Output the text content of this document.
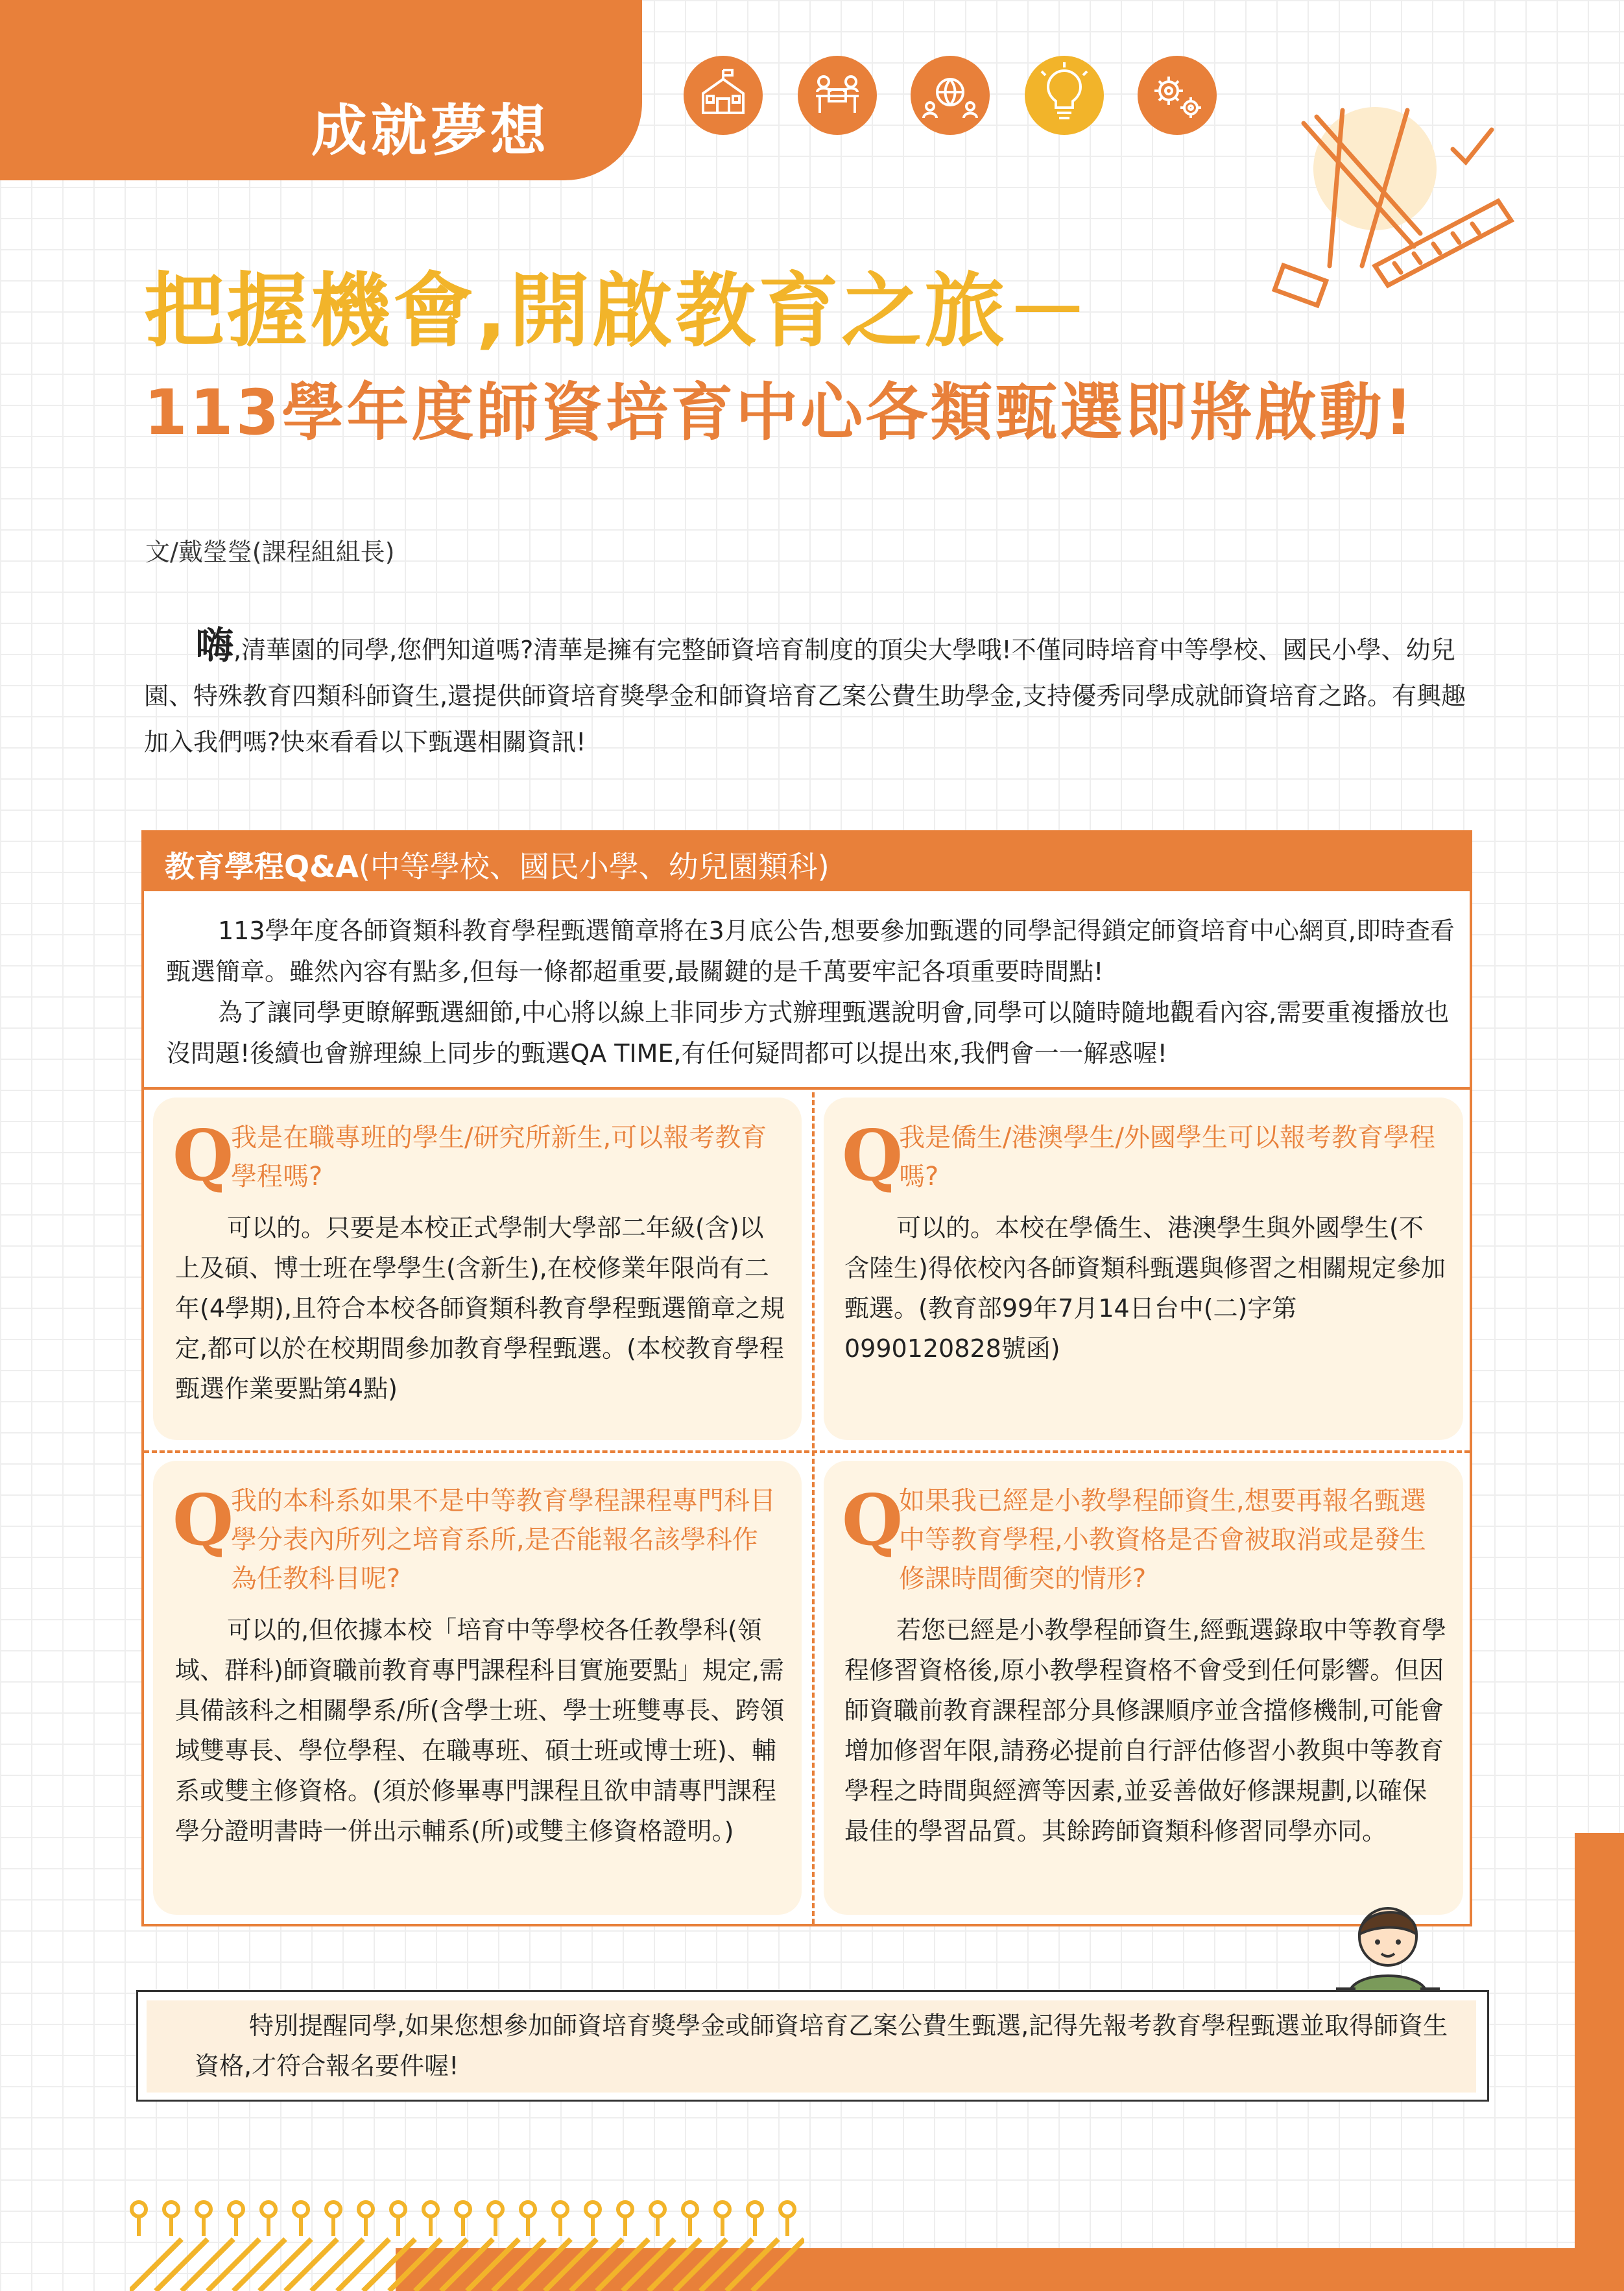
成就夢想
把握機會,開啟教育之旅－
113學年度師資培育中心各類甄選即將啟動!
文/戴瑩瑩(課程組組長)
嗨,清華園的同學,您們知道嗎?清華是擁有完整師資培育制度的頂尖大學哦!不僅同時培育中等學校、國民小學、幼兒園、特殊教育四類科師資生,還提供師資培育獎學金和師資培育乙案公費生助學金,支持優秀同學成就師資培育之路。有興趣加入我們嗎?快來看看以下甄選相關資訊!
教育學程Q&A(中等學校、國民小學、幼兒園類科)

113學年度各師資類科教育學程甄選簡章將在3月底公告,想要參加甄選的同學記得鎖定師資培育中心網頁,即時查看甄選簡章。雖然內容有點多,但每一條都超重要,最關鍵的是千萬要牢記各項重要時間點!

為了讓同學更瞭解甄選細節,中心將以線上非同步方式辦理甄選說明會,同學可以隨時隨地觀看內容,需要重複播放也沒問題!後續也會辦理線上同步的甄選QA TIME,有任何疑問都可以提出來,我們會一一解惑喔!

Q
我是在職專班的學生/研究所新生,可以報考教育學程嗎?
可以的。只要是本校正式學制大學部二年級(含)以上及碩、博士班在學學生(含新生),在校修業年限尚有二年(4學期),且符合本校各師資類科教育學程甄選簡章之規定,都可以於在校期間參加教育學程甄選。(本校教育學程甄選作業要點第4點)
Q
我是僑生/港澳學生/外國學生可以報考教育學程嗎?
可以的。本校在學僑生、港澳學生與外國學生(不含陸生)得依校內各師資類科甄選與修習之相關規定參加甄選。(教育部99年7月14日台中(二)字第0990120828號函)
Q
我的本科系如果不是中等教育學程課程專門科目學分表內所列之培育系所,是否能報名該學科作為任教科目呢?
可以的,但依據本校「培育中等學校各任教學科(領域、群科)師資職前教育專門課程科目實施要點」規定,需具備該科之相關學系/所(含學士班、學士班雙專長、跨領域雙專長、學位學程、在職專班、碩士班或博士班)、輔系或雙主修資格。(須於修畢專門課程且欲申請專門課程學分證明書時一併出示輔系(所)或雙主修資格證明。)
Q
如果我已經是小教學程師資生,想要再報名甄選中等教育學程,小教資格是否會被取消或是發生修課時間衝突的情形?
若您已經是小教學程師資生,經甄選錄取中等教育學程修習資格後,原小教學程資格不會受到任何影響。但因師資職前教育課程部分具修課順序並含擋修機制,可能會增加修習年限,請務必提前自行評估修習小教與中等教育學程之時間與經濟等因素,並妥善做好修課規劃,以確保最佳的學習品質。其餘跨師資類科修習同學亦同。
特別提醒同學,如果您想參加師資培育獎學金或師資培育乙案公費生甄選,記得先報考教育學程甄選並取得師資生資格,才符合報名要件喔!
